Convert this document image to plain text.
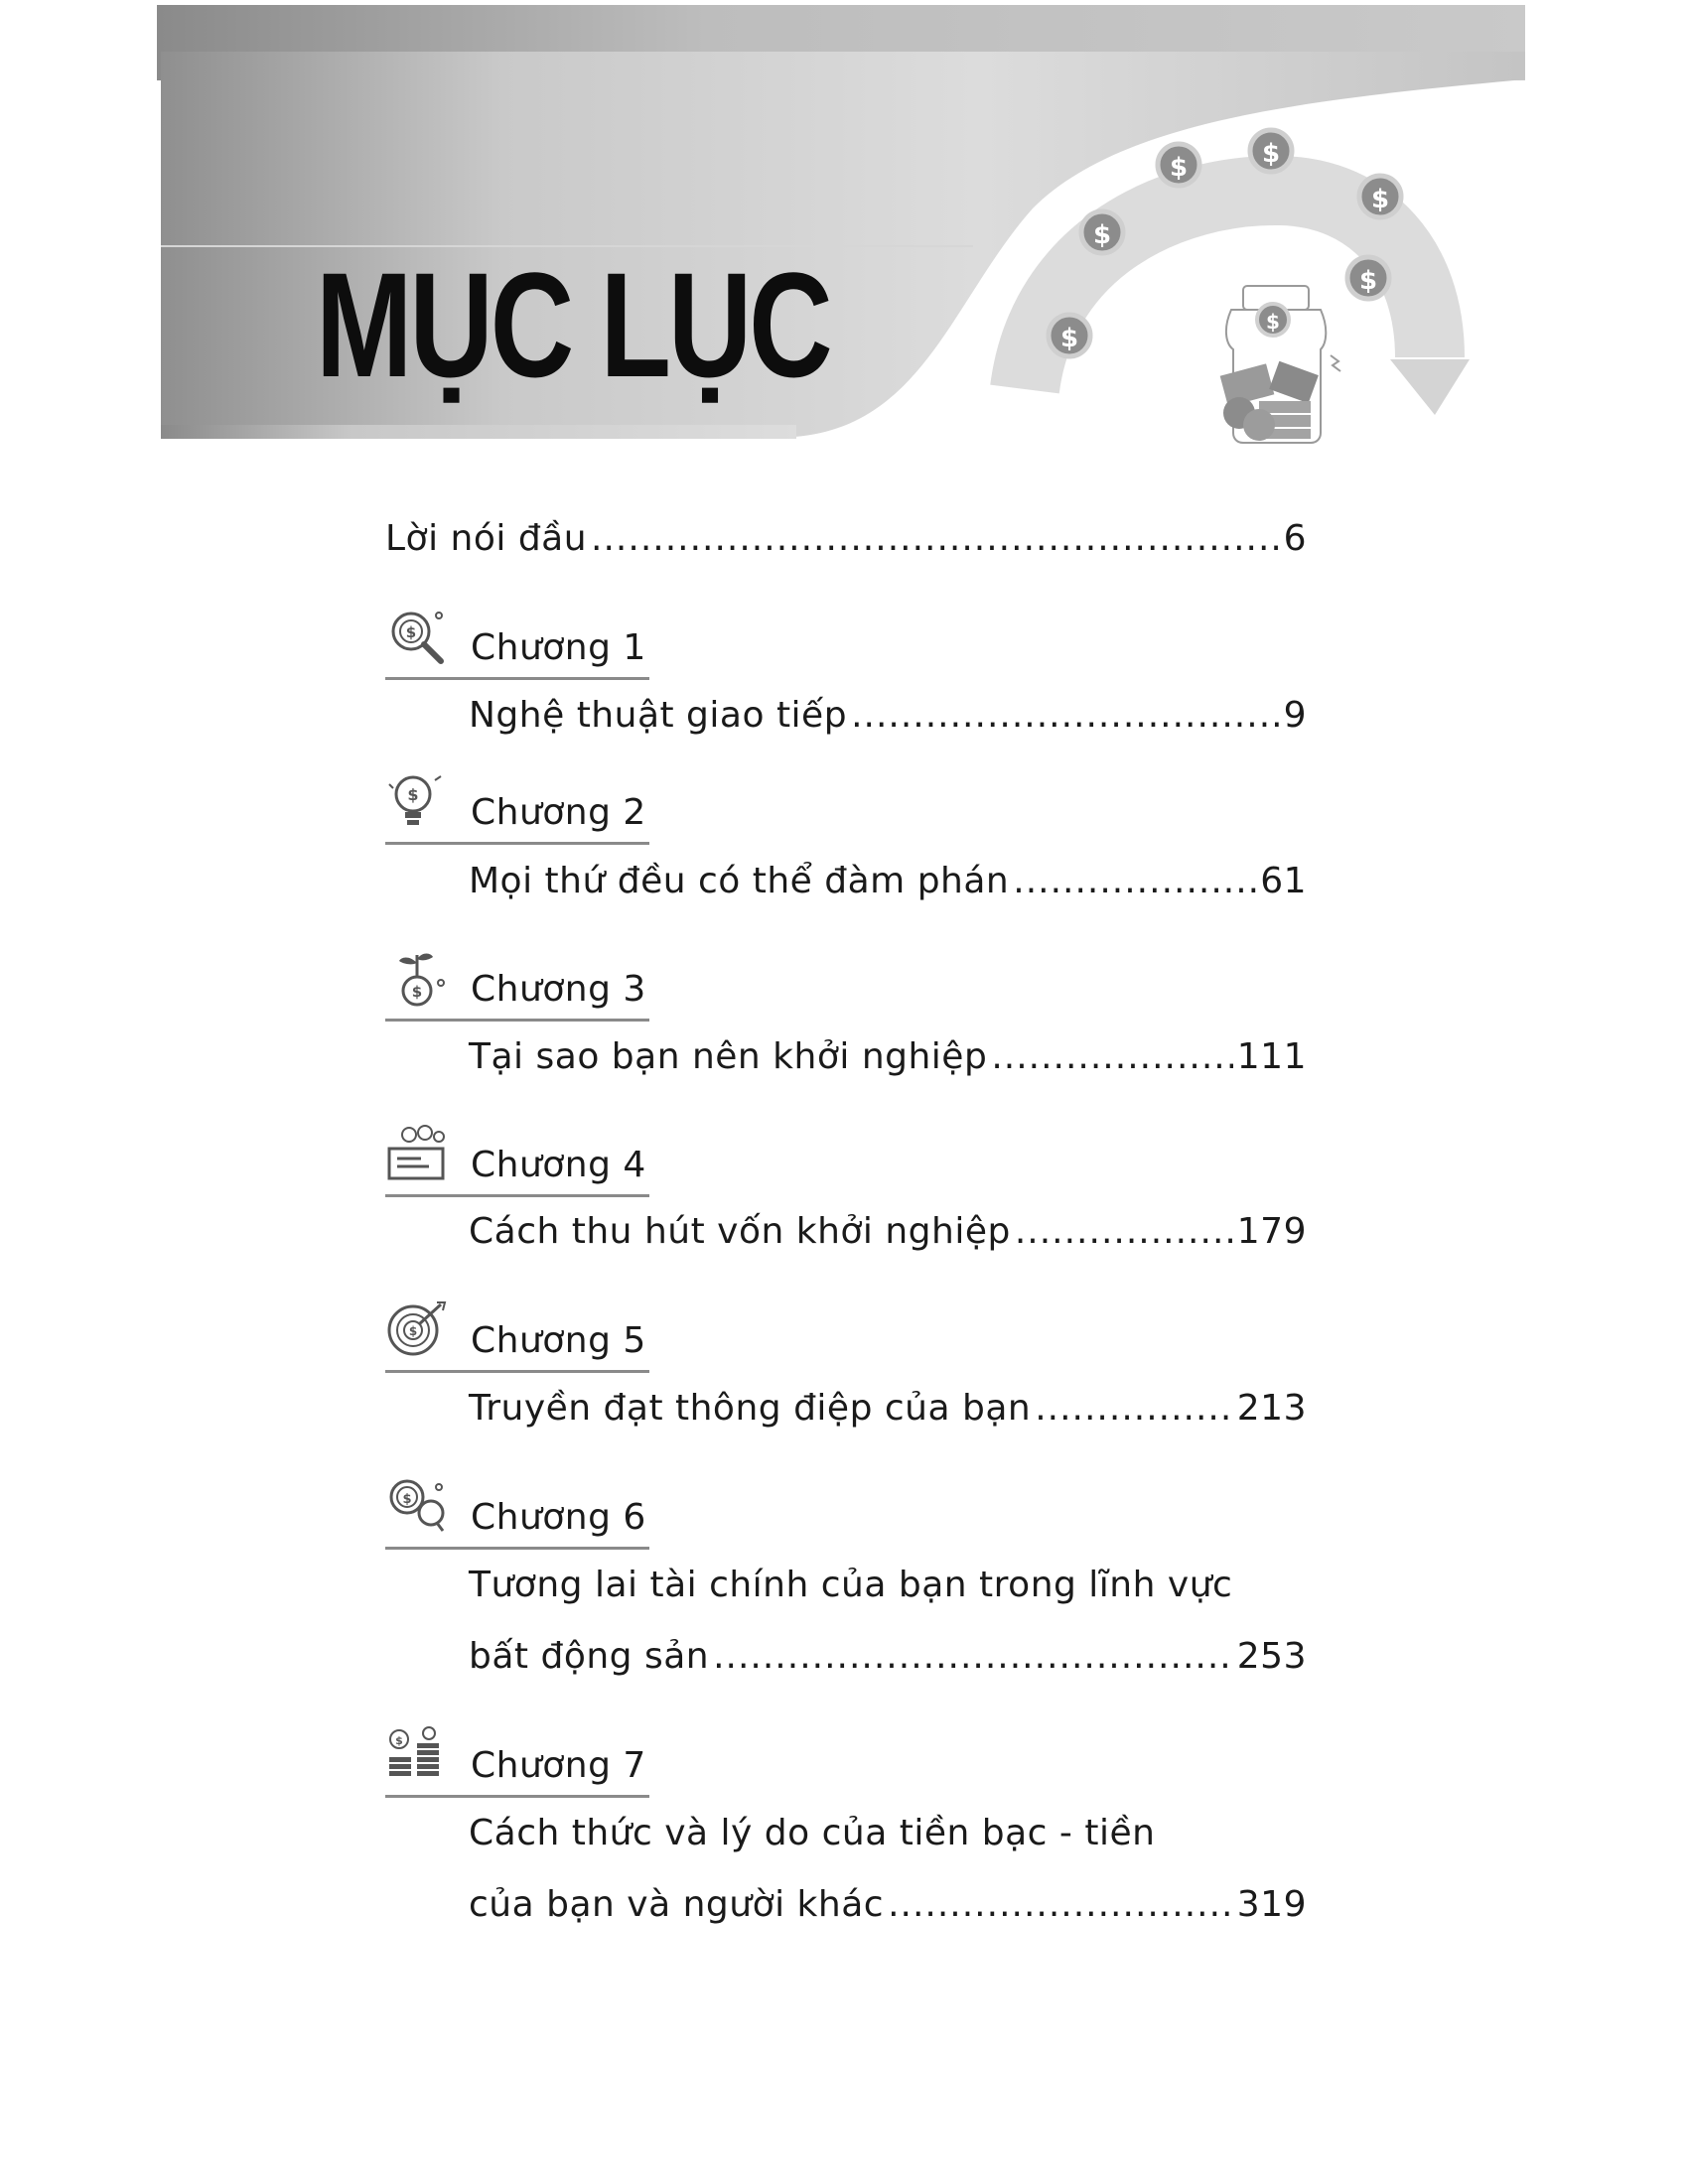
$
$
$	$
$
$
$
MỤC LỤC
Lời nói đầu .....	6
$ Chương 1
Nghệ thuật giao tiếp .....	9
$ Chương 2
Mọi thứ đều có thể đàm phán .....	61
$ Chương 3
Tại sao bạn nên khởi nghiệp .....	111
Chương 4
Cách thu hút vốn khởi nghiệp .....	179
$ Chương 5
Truyền đạt thông điệp của bạn .....	213
$ Chương 6
Tương lai tài chính của bạn trong lĩnh vực
bất động sản .....	253
$
Chương 7
Cách thức và lý do của tiền bạc - tiền
của bạn và người khác .....	319
